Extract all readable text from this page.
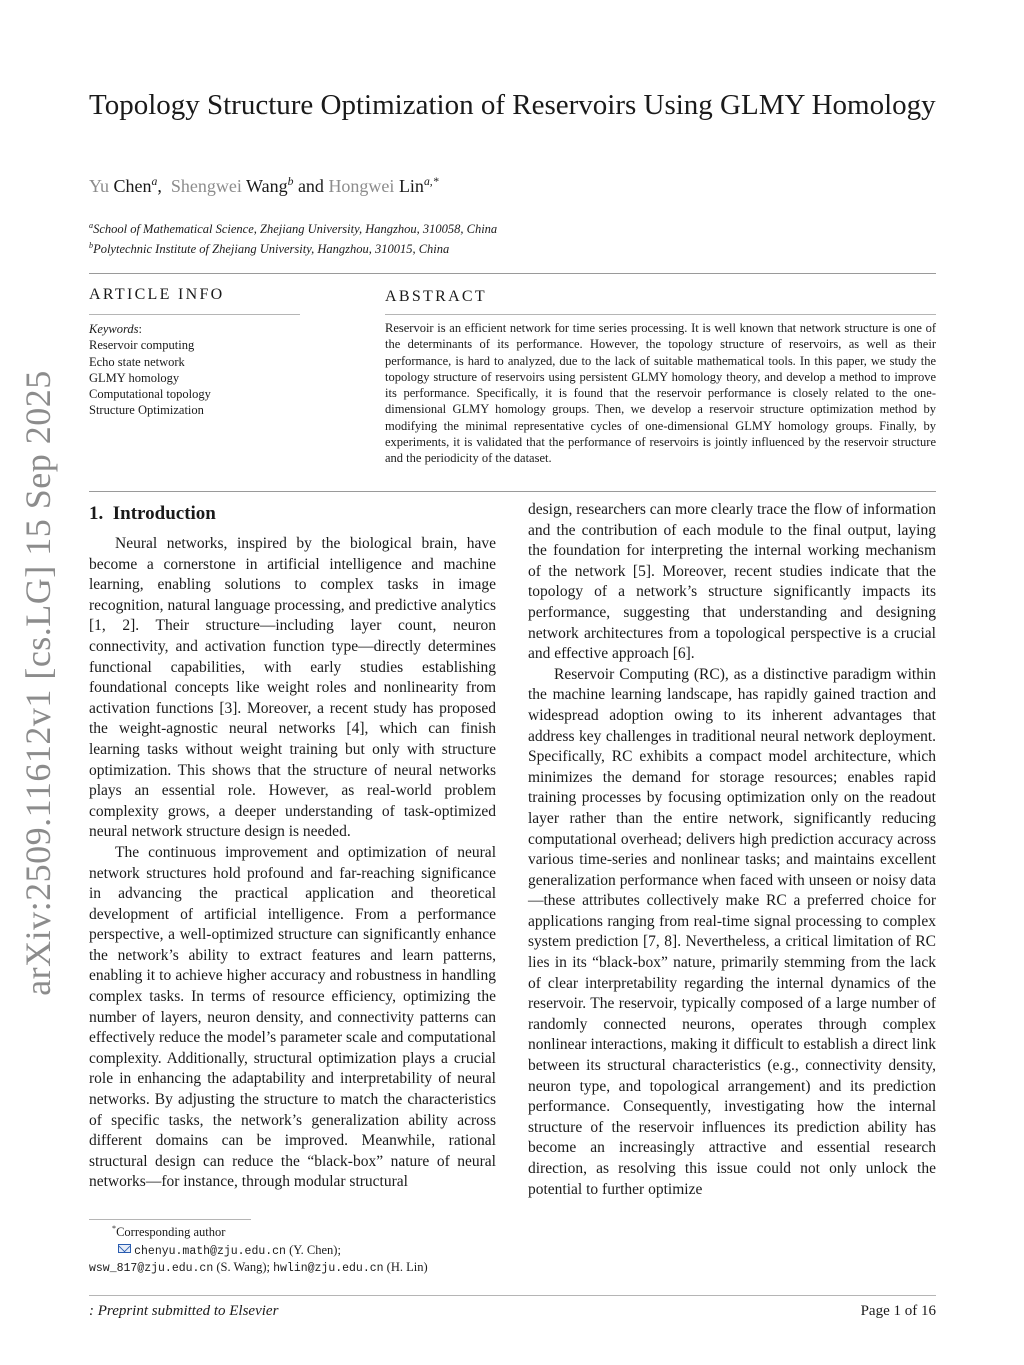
arXiv:2509.11612v1 [cs.LG] 15 Sep 2025
Topology Structure Optimization of Reservoirs Using GLMY Homology
Yu Chen$^a$, Shengwei Wang$^b$ and Hongwei Lin$^{a,*}$
$^a$School of Mathematical Science, Zhejiang University, Hangzhou, 310058, China
$^b$Polytechnic Institute of Zhejiang University, Hangzhou, 310015, China
ARTICLE INFO
Keywords:
Reservoir computing
Echo state network
GLMY homology
Computational topology
Structure Optimization
ABSTRACT
Reservoir is an efficient network for time series processing. It is well known that network structure is one of the determinants of its performance. However, the topology structure of reservoirs, as well as their performance, is hard to analyzed, due to the lack of suitable mathematical tools. In this paper, we study the topology structure of reservoirs using persistent GLMY homology theory, and develop a method to improve its performance. Specifically, it is found that the reservoir performance is closely related to the one-dimensional GLMY homology groups. Then, we develop a reservoir structure optimization method by modifying the minimal representative cycles of one-dimensional GLMY homology groups. Finally, by experiments, it is validated that the performance of reservoirs is jointly influenced by the reservoir structure and the periodicity of the dataset.
1. Introduction

Neural networks, inspired by the biological brain, have become a cornerstone in artificial intelligence and machine learning, enabling solutions to complex tasks in image recognition, natural language processing, and predictive analytics [1, 2]. Their structure—including layer count, neuron connectivity, and activation function type—directly determines functional capabilities, with early studies establishing foundational concepts like weight roles and nonlinearity from activation functions [3]. Moreover, a recent study has proposed the weight-agnostic neural networks [4], which can finish learning tasks without weight training but only with structure optimization. This shows that the structure of neural networks plays an essential role. However, as real-world problem complexity grows, a deeper understanding of task-optimized neural network structure design is needed.

The continuous improvement and optimization of neural network structures hold profound and far-reaching significance in advancing the practical application and theoretical development of artificial intelligence. From a performance perspective, a well-optimized structure can significantly enhance the network’s ability to extract features and learn patterns, enabling it to achieve higher accuracy and robustness in handling complex tasks. In terms of resource efficiency, optimizing the number of layers, neuron density, and connectivity patterns can effectively reduce the model’s parameter scale and computational complexity. Additionally, structural optimization plays a crucial role in enhancing the adaptability and interpretability of neural networks. By adjusting the structure to match the characteristics of specific tasks, the network’s generalization ability across different domains can be improved. Meanwhile, rational structural design can reduce the “black-box” nature of neural networks—for instance, through modular structural

design, researchers can more clearly trace the flow of information and the contribution of each module to the final output, laying the foundation for interpreting the internal working mechanism of the network [5]. Moreover, recent studies indicate that the topology of a network’s structure significantly impacts its performance, suggesting that understanding and designing network architectures from a topological perspective is a crucial and effective approach [6].

Reservoir Computing (RC), as a distinctive paradigm within the machine learning landscape, has rapidly gained traction and widespread adoption owing to its inherent advantages that address key challenges in traditional neural network deployment. Specifically, RC exhibits a compact model architecture, which minimizes the demand for storage resources; enables rapid training processes by focusing optimization only on the readout layer rather than the entire network, significantly reducing computational overhead; delivers high prediction accuracy across various time-series and nonlinear tasks; and maintains excellent generalization performance when faced with unseen or noisy data—these attributes collectively make RC a preferred choice for applications ranging from real-time signal processing to complex system prediction [7, 8]. Nevertheless, a critical limitation of RC lies in its “black-box” nature, primarily stemming from the lack of clear interpretability regarding the internal dynamics of the reservoir. The reservoir, typically composed of a large number of randomly connected neurons, operates through complex nonlinear interactions, making it difficult to establish a direct link between its structural characteristics (e.g., connectivity density, neuron type, and topological arrangement) and its prediction performance. Consequently, investigating how the internal structure of the reservoir influences its prediction ability has become an increasingly attractive and essential research direction, as resolving this issue could not only unlock the potential to further optimize

*Corresponding author
chenyu.math@zju.edu.cn (Y. Chen);
wsw_817@zju.edu.cn (S. Wang); hwlin@zju.edu.cn (H. Lin)
: Preprint submitted to Elsevier	Page 1 of 16
